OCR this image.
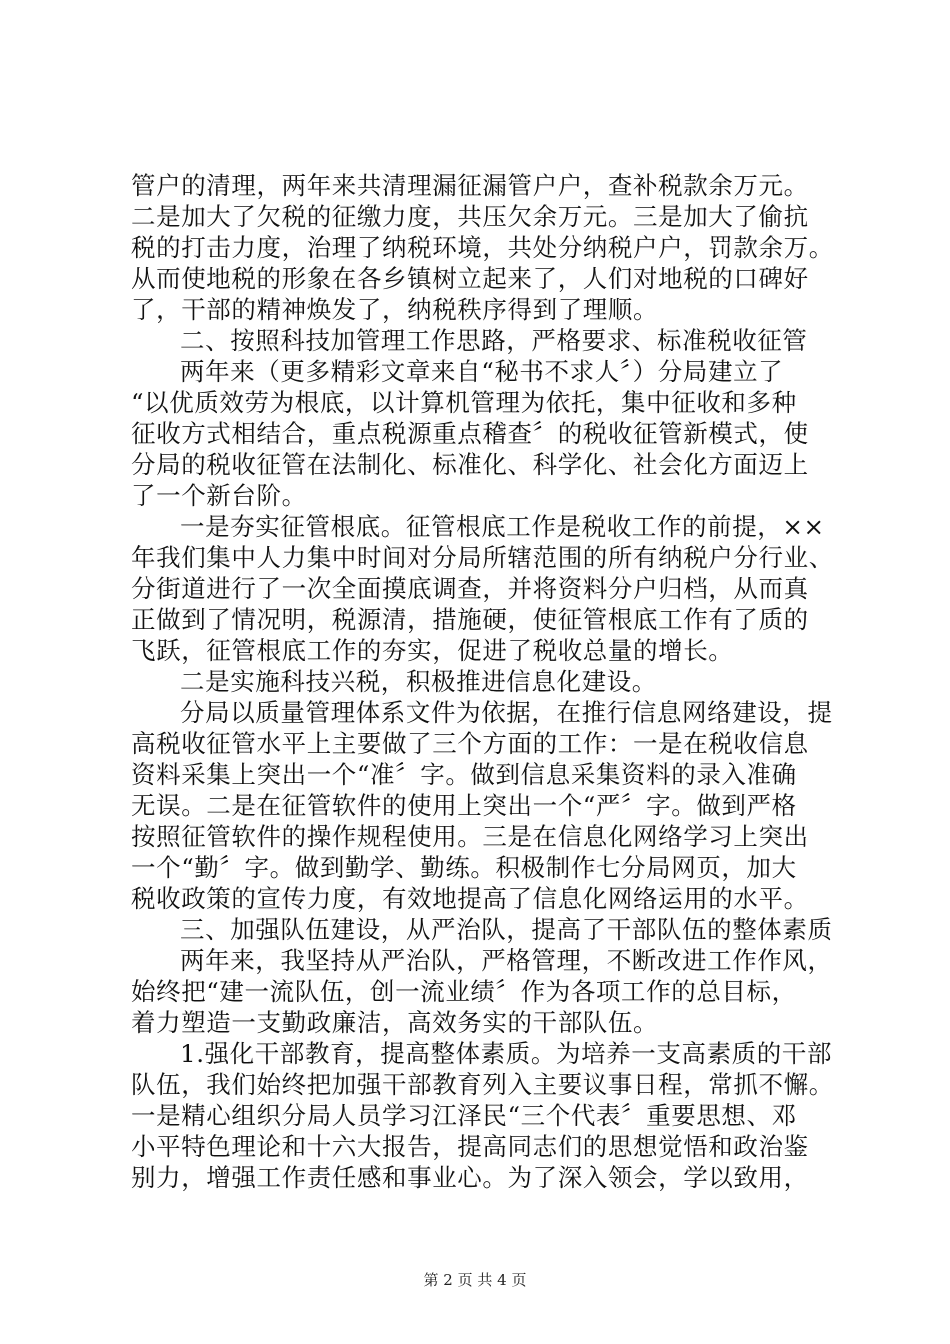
管户的清理，两年来共清理漏征漏管户户，查补税款余万元。
二是加大了欠税的征缴力度，共压欠余万元。三是加大了偷抗
税的打击力度，治理了纳税环境，共处分纳税户户，罚款余万。
从而使地税的形象在各乡镇树立起来了，人们对地税的口碑好
了，干部的精神焕发了，纳税秩序得到了理顺。
二、按照科技加管理工作思路，严格要求、标准税收征管
两年来（更多精彩文章来自“秘书不求人〞）分局建立了
“以优质效劳为根底，以计算机管理为依托，集中征收和多种
征收方式相结合，重点税源重点稽查〞的税收征管新模式，使
分局的税收征管在法制化、标准化、科学化、社会化方面迈上
了一个新台阶。
一是夯实征管根底。征管根底工作是税收工作的前提，××
年我们集中人力集中时间对分局所辖范围的所有纳税户分行业、
分街道进行了一次全面摸底调查，并将资料分户归档，从而真
正做到了情况明，税源清，措施硬，使征管根底工作有了质的
飞跃，征管根底工作的夯实，促进了税收总量的增长。
二是实施科技兴税，积极推进信息化建设。
分局以质量管理体系文件为依据，在推行信息网络建设，提
高税收征管水平上主要做了三个方面的工作：一是在税收信息
资料采集上突出一个“准〞字。做到信息采集资料的录入准确
无误。二是在征管软件的使用上突出一个“严〞字。做到严格
按照征管软件的操作规程使用。三是在信息化网络学习上突出
一个“勤〞字。做到勤学、勤练。积极制作七分局网页，加大
税收政策的宣传力度，有效地提高了信息化网络运用的水平。
三、加强队伍建设，从严治队，提高了干部队伍的整体素质
两年来，我坚持从严治队，严格管理，不断改进工作作风，
始终把“建一流队伍，创一流业绩〞作为各项工作的总目标，
着力塑造一支勤政廉洁，高效务实的干部队伍。
1.强化干部教育，提高整体素质。为培养一支高素质的干部
队伍，我们始终把加强干部教育列入主要议事日程，常抓不懈。
一是精心组织分局人员学习江泽民“三个代表〞重要思想、邓
小平特色理论和十六大报告，提高同志们的思想觉悟和政治鉴
别力，增强工作责任感和事业心。为了深入领会，学以致用，
第 2 页 共 4 页
